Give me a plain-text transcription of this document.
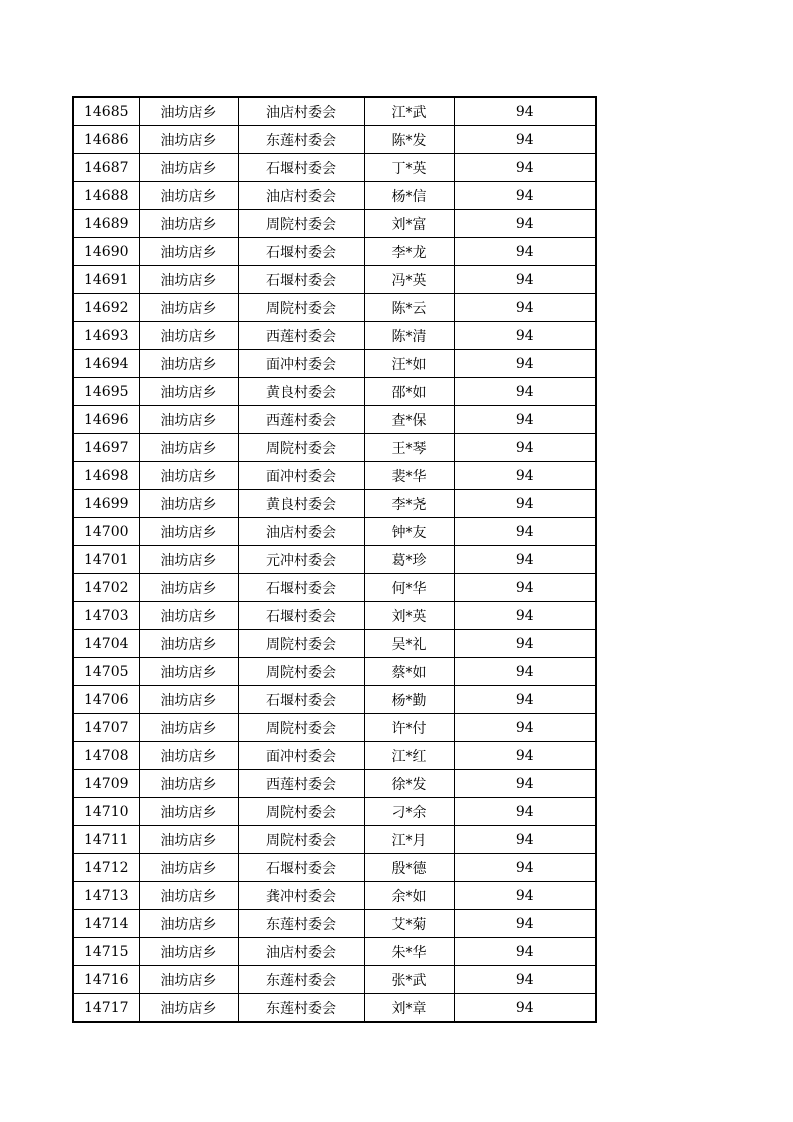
14685	油坊店乡	油店村委会	江*武	94
14686	油坊店乡	东莲村委会	陈*发	94
14687	油坊店乡	石堰村委会	丁*英	94
14688	油坊店乡	油店村委会	杨*信	94
14689	油坊店乡	周院村委会	刘*富	94
14690	油坊店乡	石堰村委会	李*龙	94
14691	油坊店乡	石堰村委会	冯*英	94
14692	油坊店乡	周院村委会	陈*云	94
14693	油坊店乡	西莲村委会	陈*清	94
14694	油坊店乡	面冲村委会	汪*如	94
14695	油坊店乡	黄良村委会	邵*如	94
14696	油坊店乡	西莲村委会	查*保	94
14697	油坊店乡	周院村委会	王*琴	94
14698	油坊店乡	面冲村委会	裴*华	94
14699	油坊店乡	黄良村委会	李*尧	94
14700	油坊店乡	油店村委会	钟*友	94
14701	油坊店乡	元冲村委会	葛*珍	94
14702	油坊店乡	石堰村委会	何*华	94
14703	油坊店乡	石堰村委会	刘*英	94
14704	油坊店乡	周院村委会	吴*礼	94
14705	油坊店乡	周院村委会	蔡*如	94
14706	油坊店乡	石堰村委会	杨*勤	94
14707	油坊店乡	周院村委会	许*付	94
14708	油坊店乡	面冲村委会	江*红	94
14709	油坊店乡	西莲村委会	徐*发	94
14710	油坊店乡	周院村委会	刁*余	94
14711	油坊店乡	周院村委会	江*月	94
14712	油坊店乡	石堰村委会	殷*德	94
14713	油坊店乡	龚冲村委会	余*如	94
14714	油坊店乡	东莲村委会	艾*菊	94
14715	油坊店乡	油店村委会	朱*华	94
14716	油坊店乡	东莲村委会	张*武	94
14717	油坊店乡	东莲村委会	刘*章	94
